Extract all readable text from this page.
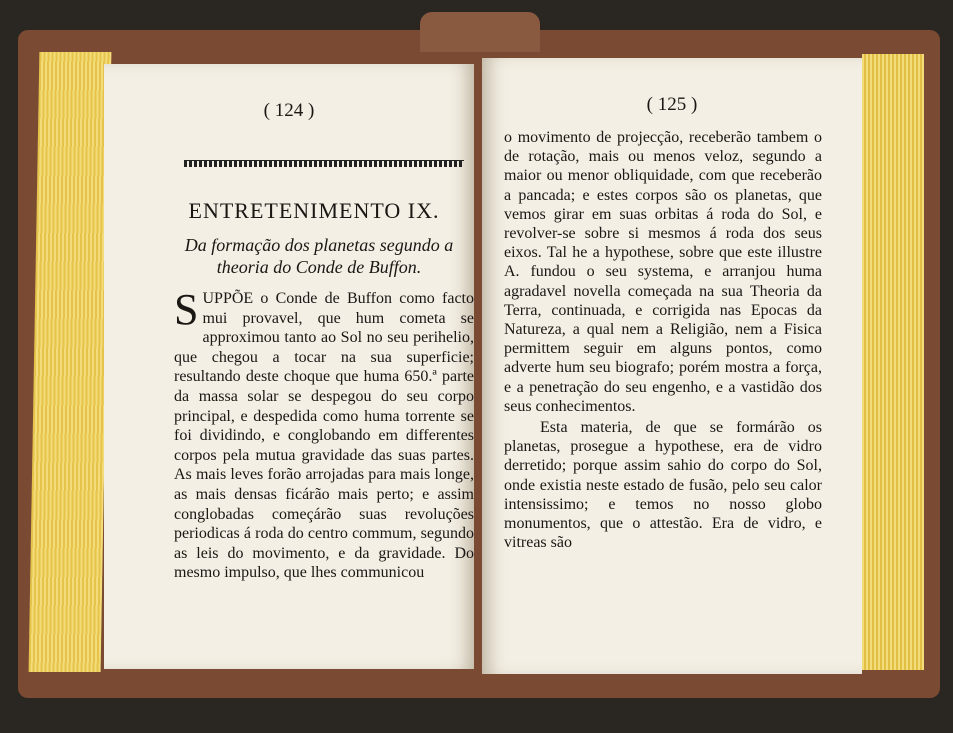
( 124 )
ENTRETENIMENTO IX.
Da formação dos planetas segundo a theoria do Conde de Buffon.
SUPPÕE o Conde de Buffon como facto mui provavel, que hum cometa se approximou tanto ao Sol no seu perihelio, que chegou a tocar na sua superficie; resultando deste choque que huma 650.ª parte da massa solar se despegou do seu corpo principal, e despedida como huma torrente se foi dividindo, e conglobando em differentes corpos pela mutua gravidade das suas partes. As mais leves forão arrojadas para mais longe, as mais densas ficárão mais perto; e assim conglobadas começárão suas revoluções periodicas á roda do centro commum, segundo as leis do movimento, e da gravidade. Do mesmo impulso, que lhes communicou
( 125 )
o movimento de projecção, receberão tambem o de rotação, mais ou menos veloz, segundo a maior ou menor obliquidade, com que receberão a pancada; e estes corpos são os planetas, que vemos girar em suas orbitas á roda do Sol, e revolver-se sobre si mesmos á roda dos seus eixos. Tal he a hypothese, sobre que este illustre A. fundou o seu systema, e arranjou huma agradavel novella começada na sua Theoria da Terra, continuada, e corrigida nas Epocas da Natureza, a qual nem a Religião, nem a Fisica permittem seguir em alguns pontos, como adverte hum seu biografo; porém mostra a força, e a penetração do seu engenho, e a vastidão dos seus conhecimentos.
Esta materia, de que se formárão os planetas, prosegue a hypothese, era de vidro derretido; porque assim sahio do corpo do Sol, onde existia neste estado de fusão, pelo seu calor intensissimo; e temos no nosso globo monumentos, que o attestão. Era de vidro, e vitreas são
